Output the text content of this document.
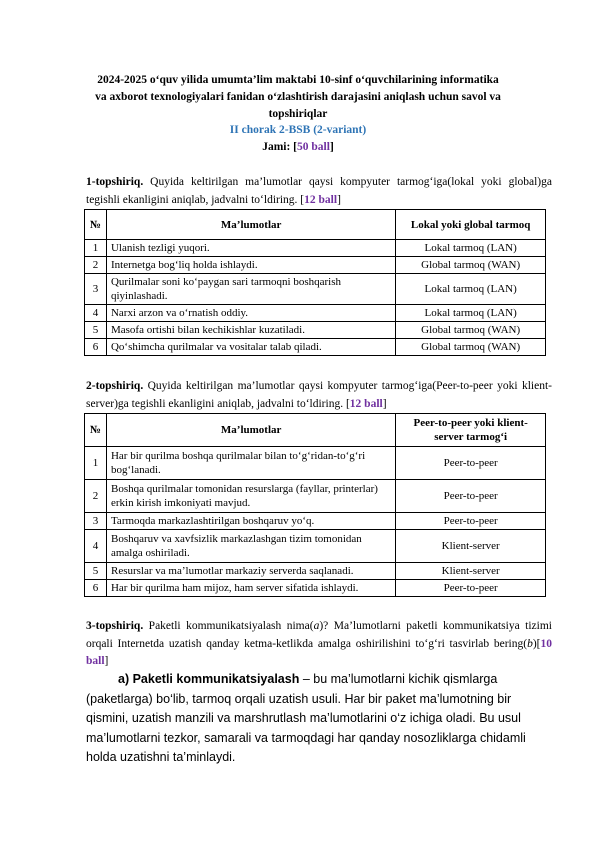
2024-2025 o‘quv yilida umumta’lim maktabi 10-sinf o‘quvchilarining informatika
va axborot texnologiyalari fanidan o‘zlashtirish darajasini aniqlash uchun savol va
topshiriqlar
II chorak 2-BSB (2-variant)
Jami: [50 ball]
1-topshiriq. Quyida keltirilgan ma’lumotlar qaysi kompyuter tarmog‘iga(lokal yoki global)ga tegishli ekanligini aniqlab, jadvalni to‘ldiring. [12 ball]
№	Ma’lumotlar	Lokal yoki global tarmoq
1	Ulanish tezligi yuqori.	Lokal tarmoq (LAN)
2	Internetga bog‘liq holda ishlaydi.	Global tarmoq (WAN)
3	Qurilmalar soni ko‘paygan sari tarmoqni boshqarish qiyinlashadi.	Lokal tarmoq (LAN)
4	Narxi arzon va o‘rnatish oddiy.	Lokal tarmoq (LAN)
5	Masofa ortishi bilan kechikishlar kuzatiladi.	Global tarmoq (WAN)
6	Qo‘shimcha qurilmalar va vositalar talab qiladi.	Global tarmoq (WAN)
2-topshiriq. Quyida keltirilgan ma’lumotlar qaysi kompyuter tarmog‘iga(Peer-to-peer yoki klient-server)ga tegishli ekanligini aniqlab, jadvalni to‘ldiring. [12 ball]
№	Ma’lumotlar	Peer-to-peer yoki klient-server tarmog‘i
1	Har bir qurilma boshqa qurilmalar bilan to‘g‘ridan-to‘g‘ri bog‘lanadi.	Peer-to-peer
2	Boshqa qurilmalar tomonidan resurslarga (fayllar, printerlar) erkin kirish imkoniyati mavjud.	Peer-to-peer
3	Tarmoqda markazlashtirilgan boshqaruv yo‘q.	Peer-to-peer
4	Boshqaruv va xavfsizlik markazlashgan tizim tomonidan amalga oshiriladi.	Klient-server
5	Resurslar va ma’lumotlar markaziy serverda saqlanadi.	Klient-server
6	Har bir qurilma ham mijoz, ham server sifatida ishlaydi.	Peer-to-peer
3-topshiriq. Paketli kommunikatsiyalash nima(a)? Ma’lumotlarni paketli kommunikatsiya tizimi orqali Internetda uzatish qanday ketma-ketlikda amalga oshirilishini to‘g‘ri tasvirlab bering(b)[10 ball]
a) Paketli kommunikatsiyalash – bu ma’lumotlarni kichik qismlarga
(paketlarga) bo‘lib, tarmoq orqali uzatish usuli. Har bir paket ma’lumotning bir
qismini, uzatish manzili va marshrutlash ma’lumotlarini o‘z ichiga oladi. Bu usul
ma’lumotlarni tezkor, samarali va tarmoqdagi har qanday nosozliklarga chidamli
holda uzatishni ta’minlaydi.
